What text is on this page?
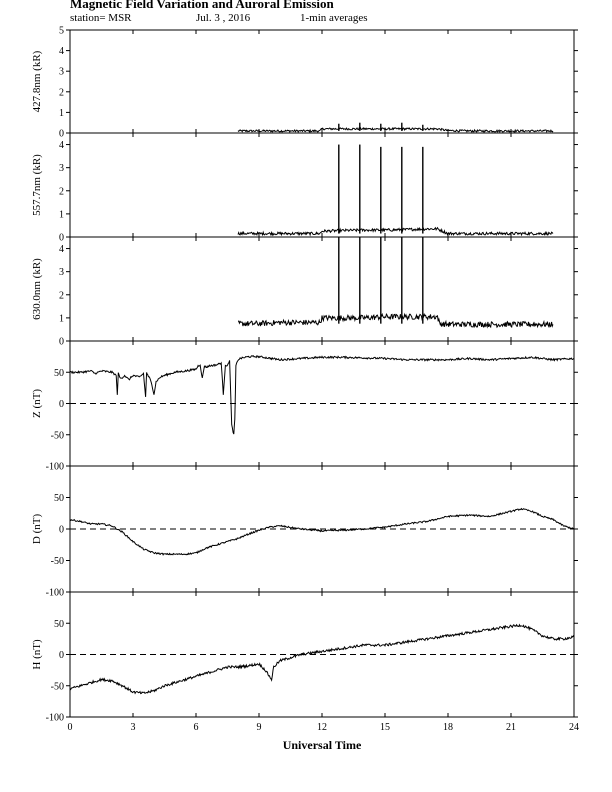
Magnetic Field Variation and Auroral Emission
station= MSR	Jul. 3 , 2016	1-min averages
0
1
2
3
4
5
427.8nm (kR)
0
1
2
3
4
557.7nm (kR)
0
1
2
3
4
630.0nm (kR)
-100
-50
0
50
Z (nT)
-100
-50
0
50
D (nT)
-100
-50
0
50
H (nT)
0	3	6	9	12	15	18	21	24
Universal Time
